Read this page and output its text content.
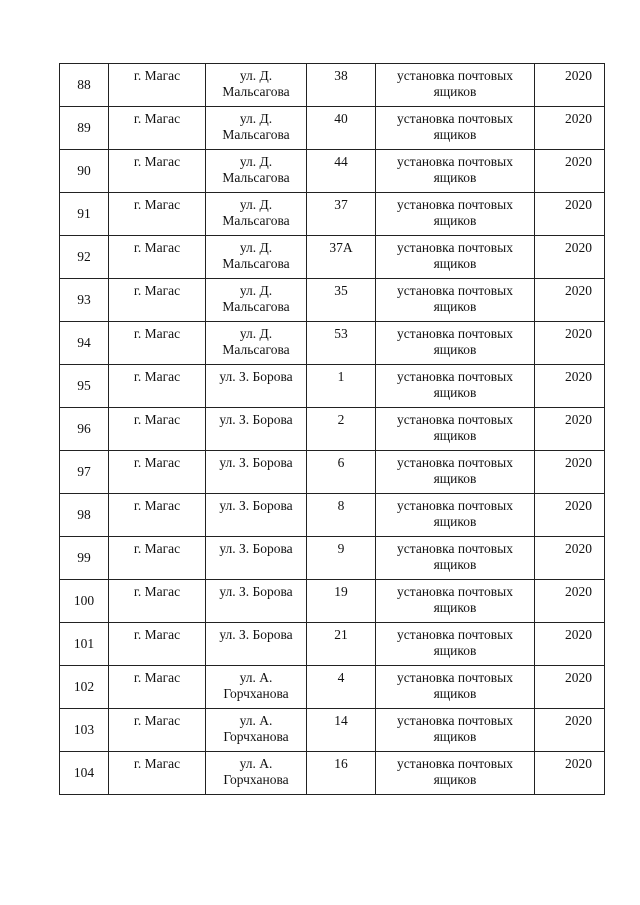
88	г. Магас	ул. Д. Мальсагова	38	установка почтовых ящиков	2020
89	г. Магас	ул. Д. Мальсагова	40	установка почтовых ящиков	2020
90	г. Магас	ул. Д. Мальсагова	44	установка почтовых ящиков	2020
91	г. Магас	ул. Д. Мальсагова	37	установка почтовых ящиков	2020
92	г. Магас	ул. Д. Мальсагова	37А	установка почтовых ящиков	2020
93	г. Магас	ул. Д. Мальсагова	35	установка почтовых ящиков	2020
94	г. Магас	ул. Д. Мальсагова	53	установка почтовых ящиков	2020
95	г. Магас	ул. З. Борова	1	установка почтовых ящиков	2020
96	г. Магас	ул. З. Борова	2	установка почтовых ящиков	2020
97	г. Магас	ул. З. Борова	6	установка почтовых ящиков	2020
98	г. Магас	ул. З. Борова	8	установка почтовых ящиков	2020
99	г. Магас	ул. З. Борова	9	установка почтовых ящиков	2020
100	г. Магас	ул. З. Борова	19	установка почтовых ящиков	2020
101	г. Магас	ул. З. Борова	21	установка почтовых ящиков	2020
102	г. Магас	ул. А. Горчханова	4	установка почтовых ящиков	2020
103	г. Магас	ул. А. Горчханова	14	установка почтовых ящиков	2020
104	г. Магас	ул. А. Горчханова	16	установка почтовых ящиков	2020
